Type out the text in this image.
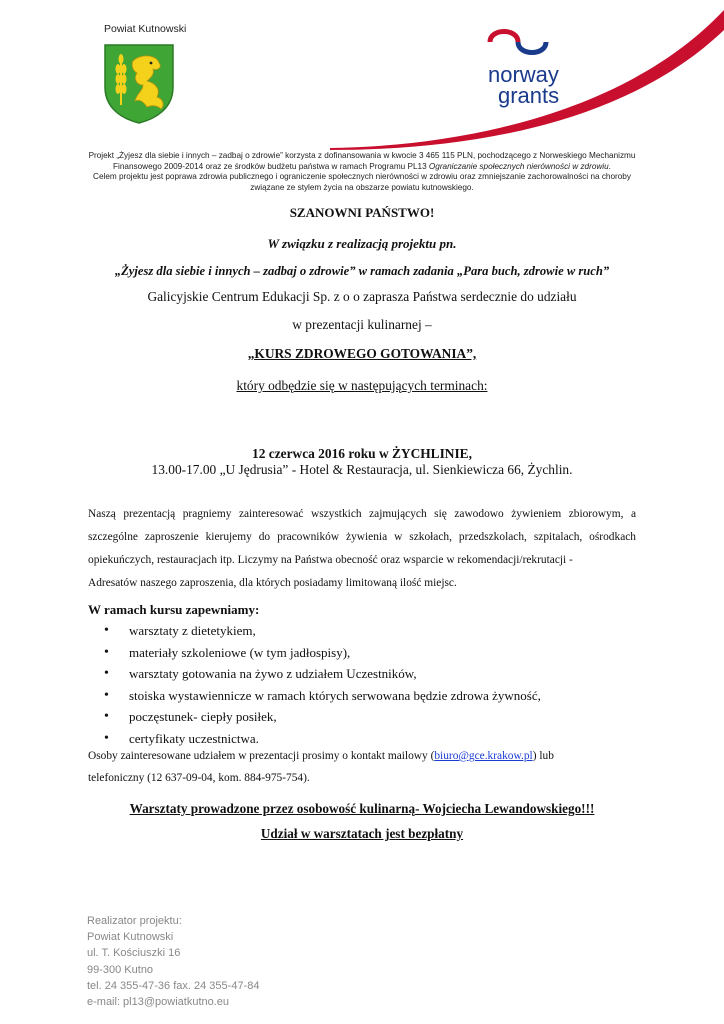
Powiat Kutnowski
norway
grants
Projekt „Żyjesz dla siebie i innych – zadbaj o zdrowie” korzysta z dofinansowania w kwocie 3 465 115 PLN, pochodzącego z Norweskiego Mechanizmu
Finansowego 2009-2014 oraz ze środków budżetu państwa w ramach Programu PL13 Ograniczanie społecznych nierówności w zdrowiu.
Celem projektu jest poprawa zdrowia publicznego i ograniczenie społecznych nierówności w zdrowiu oraz zmniejszanie zachorowalności na choroby
związane ze stylem życia na obszarze powiatu kutnowskiego.
SZANOWNI PAŃSTWO!
W związku z realizacją projektu pn.
„Żyjesz dla siebie i innych – zadbaj o zdrowie” w ramach zadania „Para buch, zdrowie w ruch”
Galicyjskie Centrum Edukacji Sp. z o o zaprasza Państwa serdecznie do udziału
w prezentacji kulinarnej –
„KURS ZDROWEGO GOTOWANIA”,
który odbędzie się w następujących terminach:
12 czerwca 2016 roku w ŻYCHLINIE,
13.00-17.00 „U Jędrusia” - Hotel & Restauracja, ul. Sienkiewicza 66, Żychlin.
Naszą prezentacją pragniemy zainteresować wszystkich zajmujących się zawodowo żywieniem zbiorowym, a szczególne zaproszenie kierujemy do pracowników żywienia w szkołach, przedszkolach, szpitalach, ośrodkach opiekuńczych, restauracjach itp. Liczymy na Państwa obecność oraz wsparcie w rekomendacji/rekrutacji -
Adresatów naszego zaproszenia, dla których posiadamy limitowaną ilość miejsc.
W ramach kursu zapewniamy:
• warsztaty z dietetykiem,
• materiały szkoleniowe (w tym jadłospisy),
• warsztaty gotowania na żywo z udziałem Uczestników,
• stoiska wystawiennicze w ramach których serwowana będzie zdrowa żywność,
• poczęstunek- ciepły posiłek,
• certyfikaty uczestnictwa.
Osoby zainteresowane udziałem w prezentacji prosimy o kontakt mailowy (biuro@gce.krakow.pl) lub
telefoniczny (12 637-09-04, kom. 884-975-754).
Warsztaty prowadzone przez osobowość kulinarną- Wojciecha Lewandowskiego!!!
Udział w warsztatach jest bezpłatny
Realizator projektu:
Powiat Kutnowski
ul. T. Kościuszki 16
99-300 Kutno
tel. 24 355-47-36 fax. 24 355-47-84
e-mail: pl13@powiatkutno.eu
